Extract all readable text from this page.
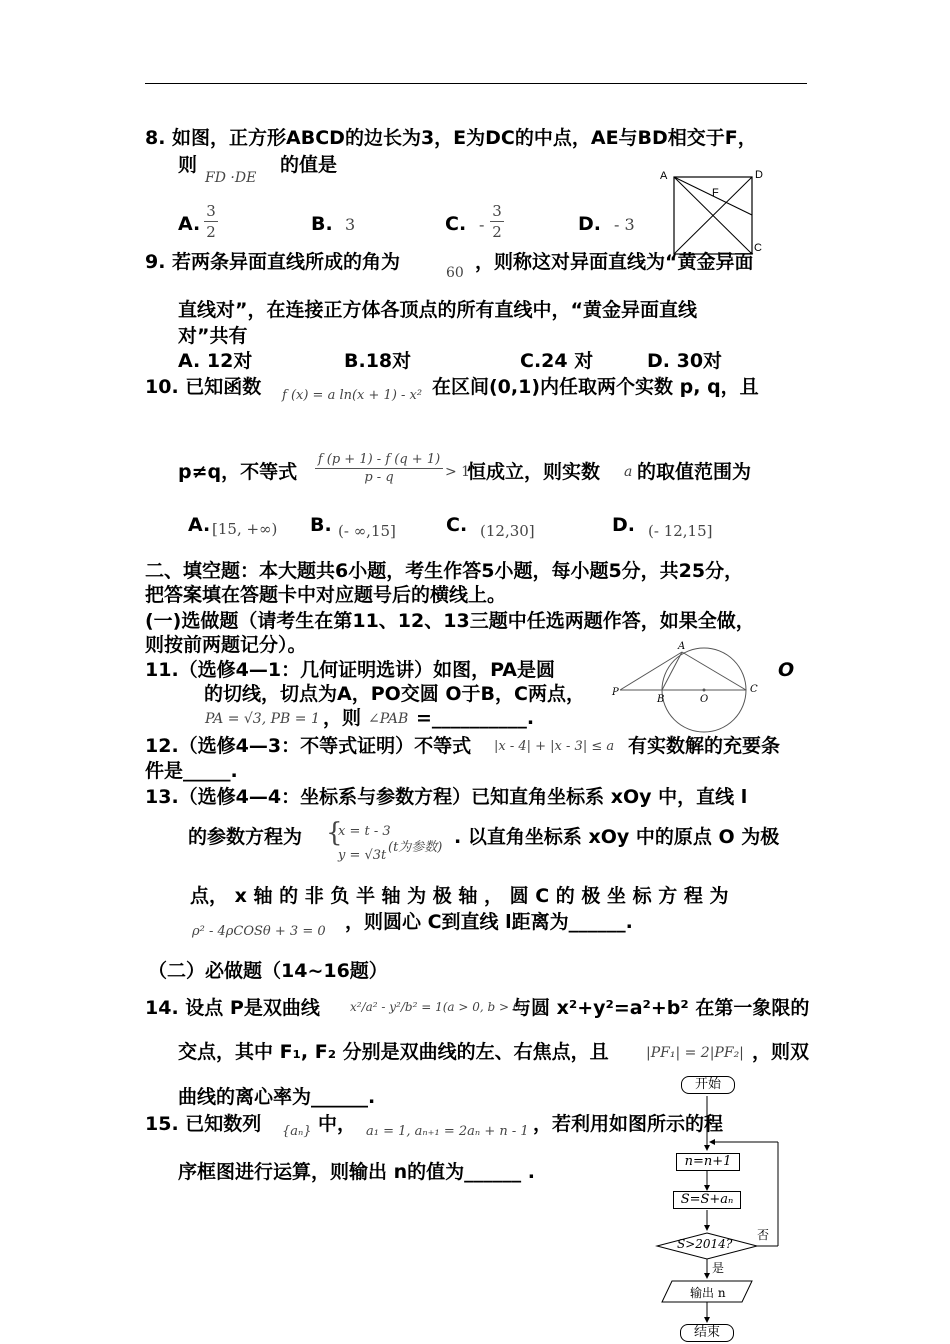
8. 如图，正方形ABCD的边长为3，E为DC的中点，AE与BD相交于F，
则
FD ·DE
的值是
A.
3
2	B. 3	C. -
3
2	D. - 3
A	D
F
C
9. 若两条异面直线所成的角为	60 ，则称这对异面直线为“黄金异面
直线对”，在连接正方体各顶点的所有直线中，“黄金异面直线
对”共有
A. 12对	B.18对	C.24 对	D. 30对
10. 已知函数 f (x) = a ln(x + 1) - x² 在区间(0,1)内任取两个实数 p, q，且
p≠q，不等式
f (p + 1) - f (q + 1)
p - q	> 1
恒成立，则实数 a 的取值范围为
A. [15, +∞) B. (- ∞,15]	C. (12,30]	D. (- 12,15]
二、填空题：本大题共6小题，考生作答5小题，每小题5分，共25分，
把答案填在答题卡中对应题号后的横线上。
(一)选做题（请考生在第11、12、13三题中任选两题作答，如果全做，
则按前两题记分）。
11.（选修4—1：几何证明选讲）如图，PA是圆	O
的切线，切点为A，PO交圆 O于B，C两点，
PA = √3, PB = 1 ，则 ∠PAB =__________.
A
P
B	O
C
12.（选修4—3：不等式证明）不等式 |x - 4| + |x - 3| ≤ a 有实数解的充要条
件是_____.
13.（选修4—4：坐标系与参数方程）已知直角坐标系 xOy 中，直线 l
的参数方程为 {
x = t - 3
y = √3t
(t为参数) . 以直角坐标系 xOy 中的原点 O 为极
点， x 轴 的 非 负 半 轴 为 极 轴 ， 圆 C 的 极 坐 标 方 程 为
ρ² - 4ρCOSθ + 3 = 0 ，则圆心 C到直线 l距离为______.
（二）必做题（14~16题）
14. 设点 P是双曲线	x²/a² - y²/b² = 1(a > 0, b > 0)
与圆 x²+y²=a²+b² 在第一象限的
交点，其中 F₁, F₂ 分别是双曲线的左、右焦点，且	|PF₁| = 2|PF₂| ，则双
曲线的离心率为______.
15. 已知数列 {aₙ} 中， a₁ = 1, aₙ₊₁ = 2aₙ + n - 1 ，若利用如图所示的程
序框图进行运算，则输出 n的值为______ .
开始
n=n+1
S=S+aₙ
S>2014?
否
是
输出 n
结束
